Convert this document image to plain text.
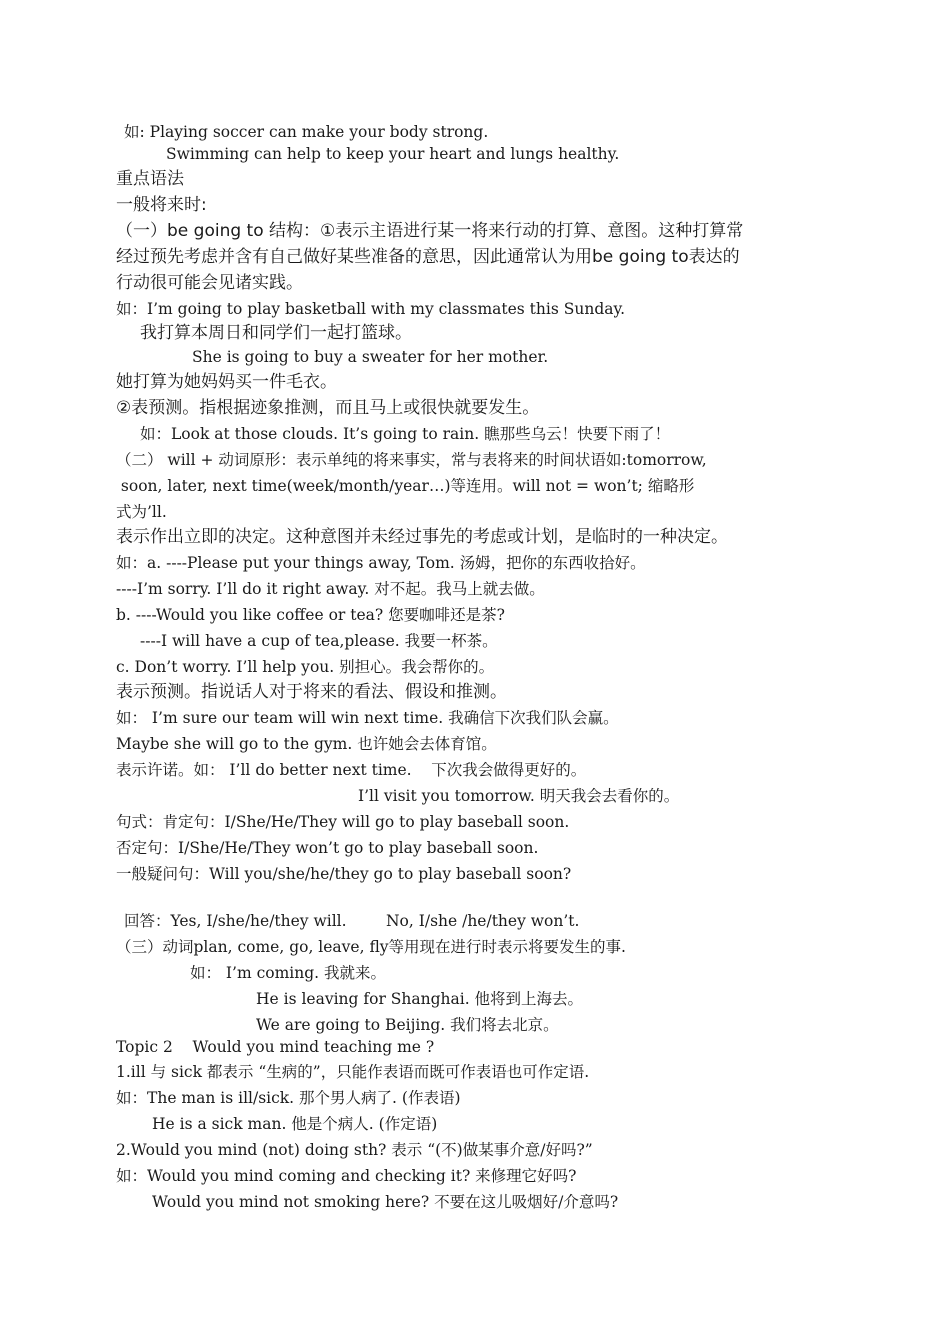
如: Playing soccer can make your body strong.
Swimming can help to keep your heart and lungs healthy.
重点语法
一般将来时:
（一）be going to 结构：①表示主语进行某一将来行动的打算、意图。这种打算常
经过预先考虑并含有自己做好某些准备的意思，因此通常认为用be going to表达的
行动很可能会见诸实践。
如：I’m going to play basketball with my classmates this Sunday.
我打算本周日和同学们一起打篮球。
She is going to buy a sweater for her mother.
她打算为她妈妈买一件毛衣。
②表预测。指根据迹象推测，而且马上或很快就要发生。
如：Look at those clouds. It’s going to rain. 瞧那些乌云！快要下雨了！
（二） will + 动词原形：表示单纯的将来事实，常与表将来的时间状语如:tomorrow,
soon, later, next time(week/month/year…)等连用。will not = won’t; 缩略形
式为’ll.
表示作出立即的决定。这种意图并未经过事先的考虑或计划，是临时的一种决定。
如：a. ----Please put your things away, Tom. 汤姆，把你的东西收拾好。
----I’m sorry. I’ll do it right away. 对不起。我马上就去做。
b. ----Would you like coffee or tea? 您要咖啡还是茶?
----I will have a cup of tea,please. 我要一杯茶。
c. Don’t worry. I’ll help you. 别担心。我会帮你的。
表示预测。指说话人对于将来的看法、假设和推测。
如： I’m sure our team will win next time. 我确信下次我们队会赢。
Maybe she will go to the gym. 也许她会去体育馆。
表示许诺。如： I’ll do better next time.    下次我会做得更好的。
I’ll visit you tomorrow. 明天我会去看你的。
句式：肯定句：I/She/He/They will go to play baseball soon.
否定句：I/She/He/They won’t go to play baseball soon.
一般疑问句：Will you/she/he/they go to play baseball soon?
回答：Yes, I/she/he/they will.        No, I/she /he/they won’t.
（三）动词plan, come, go, leave, fly等用现在进行时表示将要发生的事.
如： I’m coming. 我就来。
He is leaving for Shanghai. 他将到上海去。
We are going to Beijing. 我们将去北京。
Topic 2    Would you mind teaching me ?
1.ill 与 sick 都表示 “生病的”，只能作表语而既可作表语也可作定语.
如：The man is ill/sick. 那个男人病了. (作表语)
He is a sick man. 他是个病人. (作定语)
2.Would you mind (not) doing sth? 表示 “(不)做某事介意/好吗?”
如：Would you mind coming and checking it? 来修理它好吗?
Would you mind not smoking here? 不要在这儿吸烟好/介意吗?
